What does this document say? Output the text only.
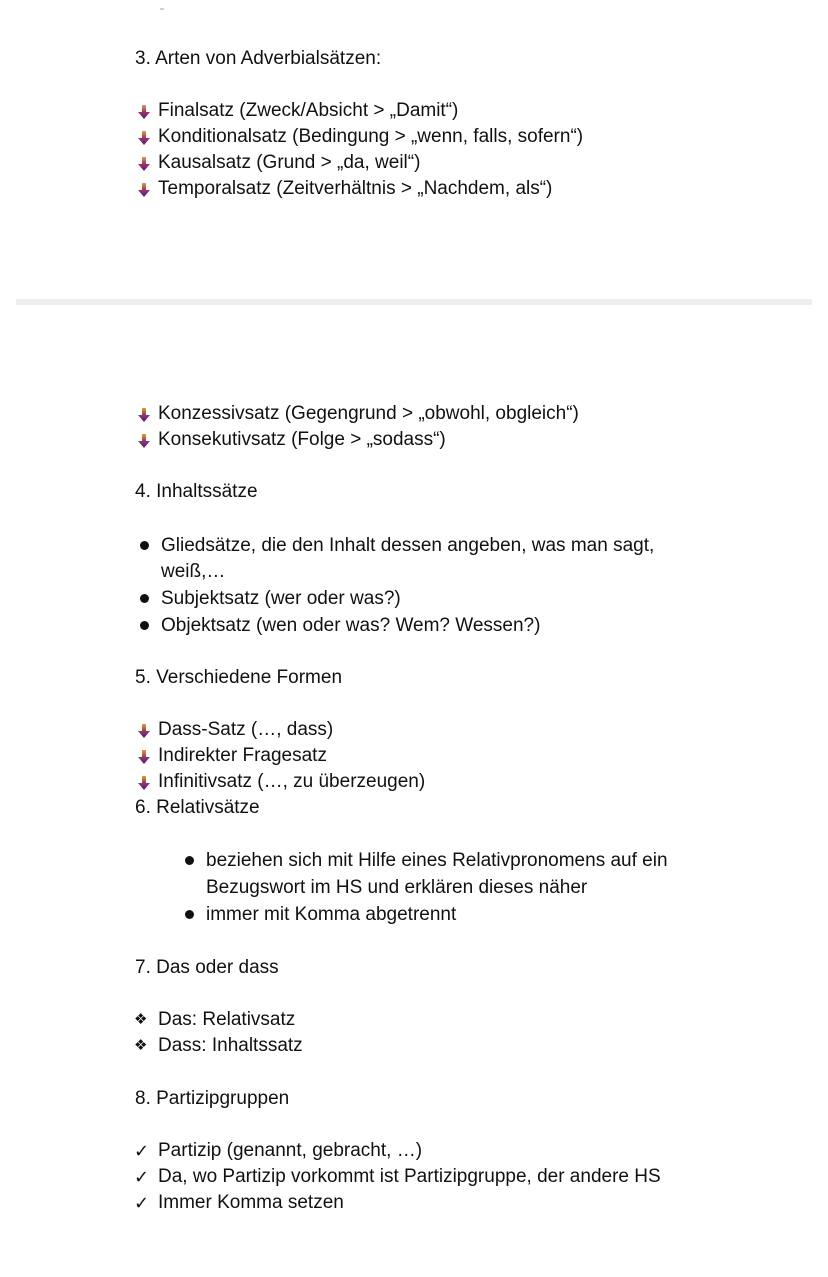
3. Arten von Adverbialsätzen:
Finalsatz (Zweck/Absicht > „Damit“)
Konditionalsatz (Bedingung > „wenn, falls, sofern“)
Kausalsatz (Grund > „da, weil“)
Temporalsatz (Zeitverhältnis > „Nachdem, als“)
Konzessivsatz (Gegengrund > „obwohl, obgleich“)
Konsekutivsatz (Folge > „sodass“)
4. Inhaltssätze
Gliedsätze, die den Inhalt dessen angeben, was man sagt,
weiß,…
Subjektsatz (wer oder was?)
Objektsatz (wen oder was? Wem? Wessen?)
5. Verschiedene Formen
Dass-Satz (…, dass)
Indirekter Fragesatz
Infinitivsatz (…, zu überzeugen)
6. Relativsätze
beziehen sich mit Hilfe eines Relativpronomens auf ein
Bezugswort im HS und erklären dieses näher
immer mit Komma abgetrennt
7. Das oder dass
❖ Das: Relativsatz
❖ Dass: Inhaltssatz
8. Partizipgruppen
✓ Partizip (genannt, gebracht, …)
✓ Da, wo Partizip vorkommt ist Partizipgruppe, der andere HS
✓ Immer Komma setzen
